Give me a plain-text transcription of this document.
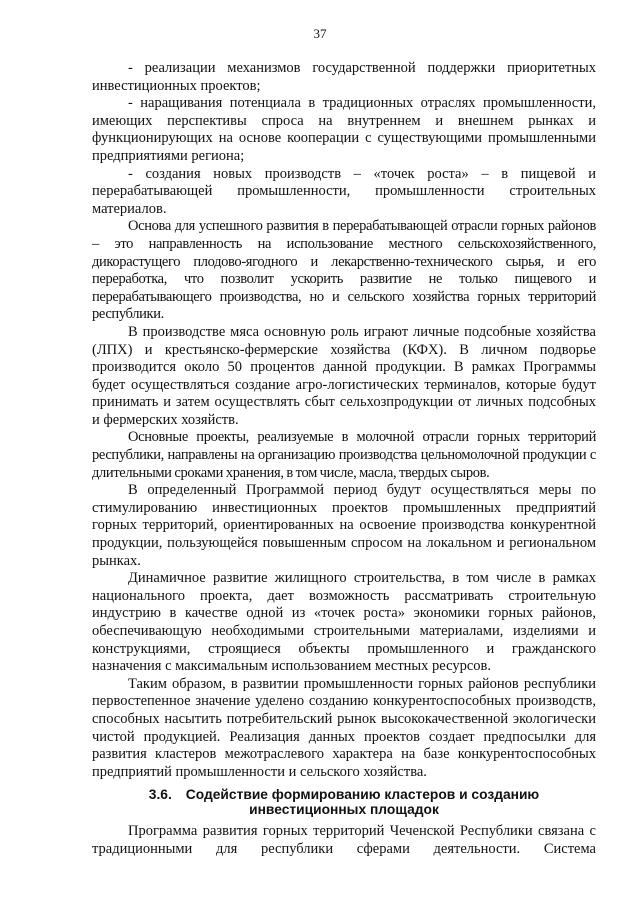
37

- реализации механизмов государственной поддержки приоритетных инвестиционных проектов;

- наращивания потенциала в традиционных отраслях промышленности, имеющих перспективы спроса на внутреннем и внешнем рынках и функционирующих на основе кооперации с существующими промышленными предприятиями региона;

- создания новых производств – «точек роста» – в пищевой и перерабатывающей промышленности, промышленности строительных материалов.

Основа для успешного развития в перерабатывающей отрасли горных районов – это направленность на использование местного сельскохозяйственного, дикорастущего плодово-ягодного и лекарственно-технического сырья, и его переработка, что позволит ускорить развитие не только пищевого и перерабатывающего производства, но и сельского хозяйства горных территорий республики.

В производстве мяса основную роль играют личные подсобные хозяйства (ЛПХ) и крестьянско-фермерские хозяйства (КФХ). В личном подворье производится около 50 процентов данной продукции. В рамках Программы будет осуществляться создание агро-логистических терминалов, которые будут принимать и затем осуществлять сбыт сельхозпродукции от личных подсобных и фермерских хозяйств.

Основные проекты, реализуемые в молочной отрасли горных территорий республики, направлены на организацию производства цельномолочной продукции с длительными сроками хранения, в том числе, масла, твердых сыров.

В определенный Программой период будут осуществляться меры по стимулированию инвестиционных проектов промышленных предприятий горных территорий, ориентированных на освоение производства конкурентной продукции, пользующейся повышенным спросом на локальном и региональном рынках.

Динамичное развитие жилищного строительства, в том числе в рамках национального проекта, дает возможность рассматривать строительную индустрию в качестве одной из «точек роста» экономики горных районов, обеспечивающую необходимыми строительными материалами, изделиями и конструкциями, строящиеся объекты промышленного и гражданского назначения с максимальным использованием местных ресурсов.

Таким образом, в развитии промышленности горных районов республики первостепенное значение уделено созданию конкурентоспособных производств, способных насытить потребительский рынок высококачественной экологически чистой продукцией. Реализация данных проектов создает предпосылки для развития кластеров межотраслевого характера на базе конкурентоспособных предприятий промышленности и сельского хозяйства.

3.6. Содействие формированию кластеров и созданию
инвестиционных площадок

Программа развития горных территорий Чеченской Республики связана с традиционными для республики сферами деятельности. Система
